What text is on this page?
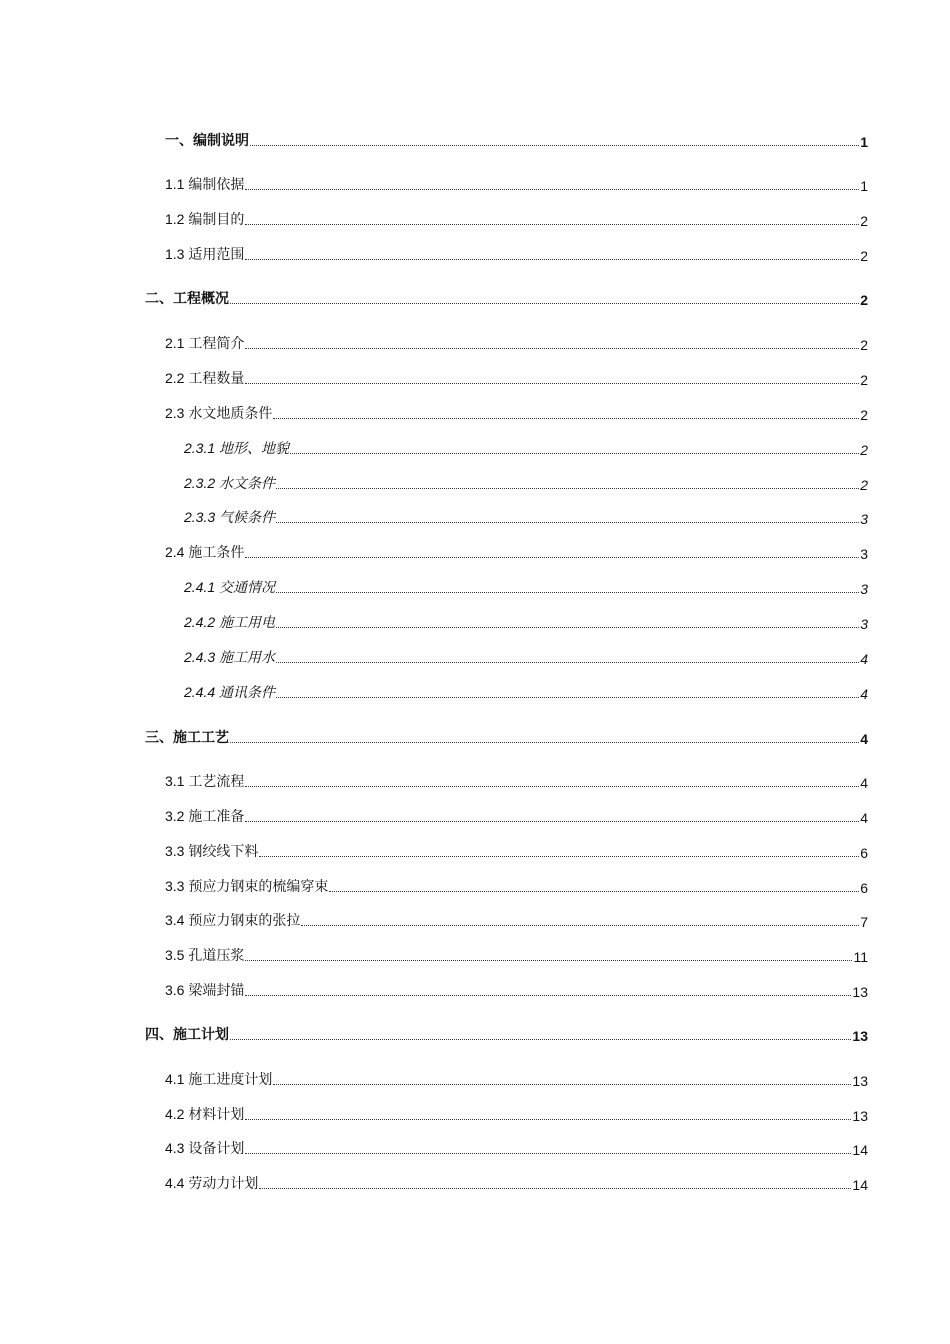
一、编制说明	1
1.1 编制依据	1
1.2 编制目的	2
1.3 适用范围	2
二、工程概况	2
2.1 工程简介	2
2.2 工程数量	2
2.3 水文地质条件	2
2.3.1 地形、地貌	2
2.3.2 水文条件	2
2.3.3 气候条件	3
2.4 施工条件	3
2.4.1 交通情况	3
2.4.2 施工用电	3
2.4.3 施工用水	4
2.4.4 通讯条件	4
三、施工工艺	4
3.1 工艺流程	4
3.2 施工准备	4
3.3 钢绞线下料	6
3.3 预应力钢束的梳编穿束	6
3.4 预应力钢束的张拉	7
3.5 孔道压浆	11
3.6 梁端封锚	13
四、施工计划	13
4.1 施工进度计划	13
4.2 材料计划	13
4.3 设备计划	14
4.4 劳动力计划	14
